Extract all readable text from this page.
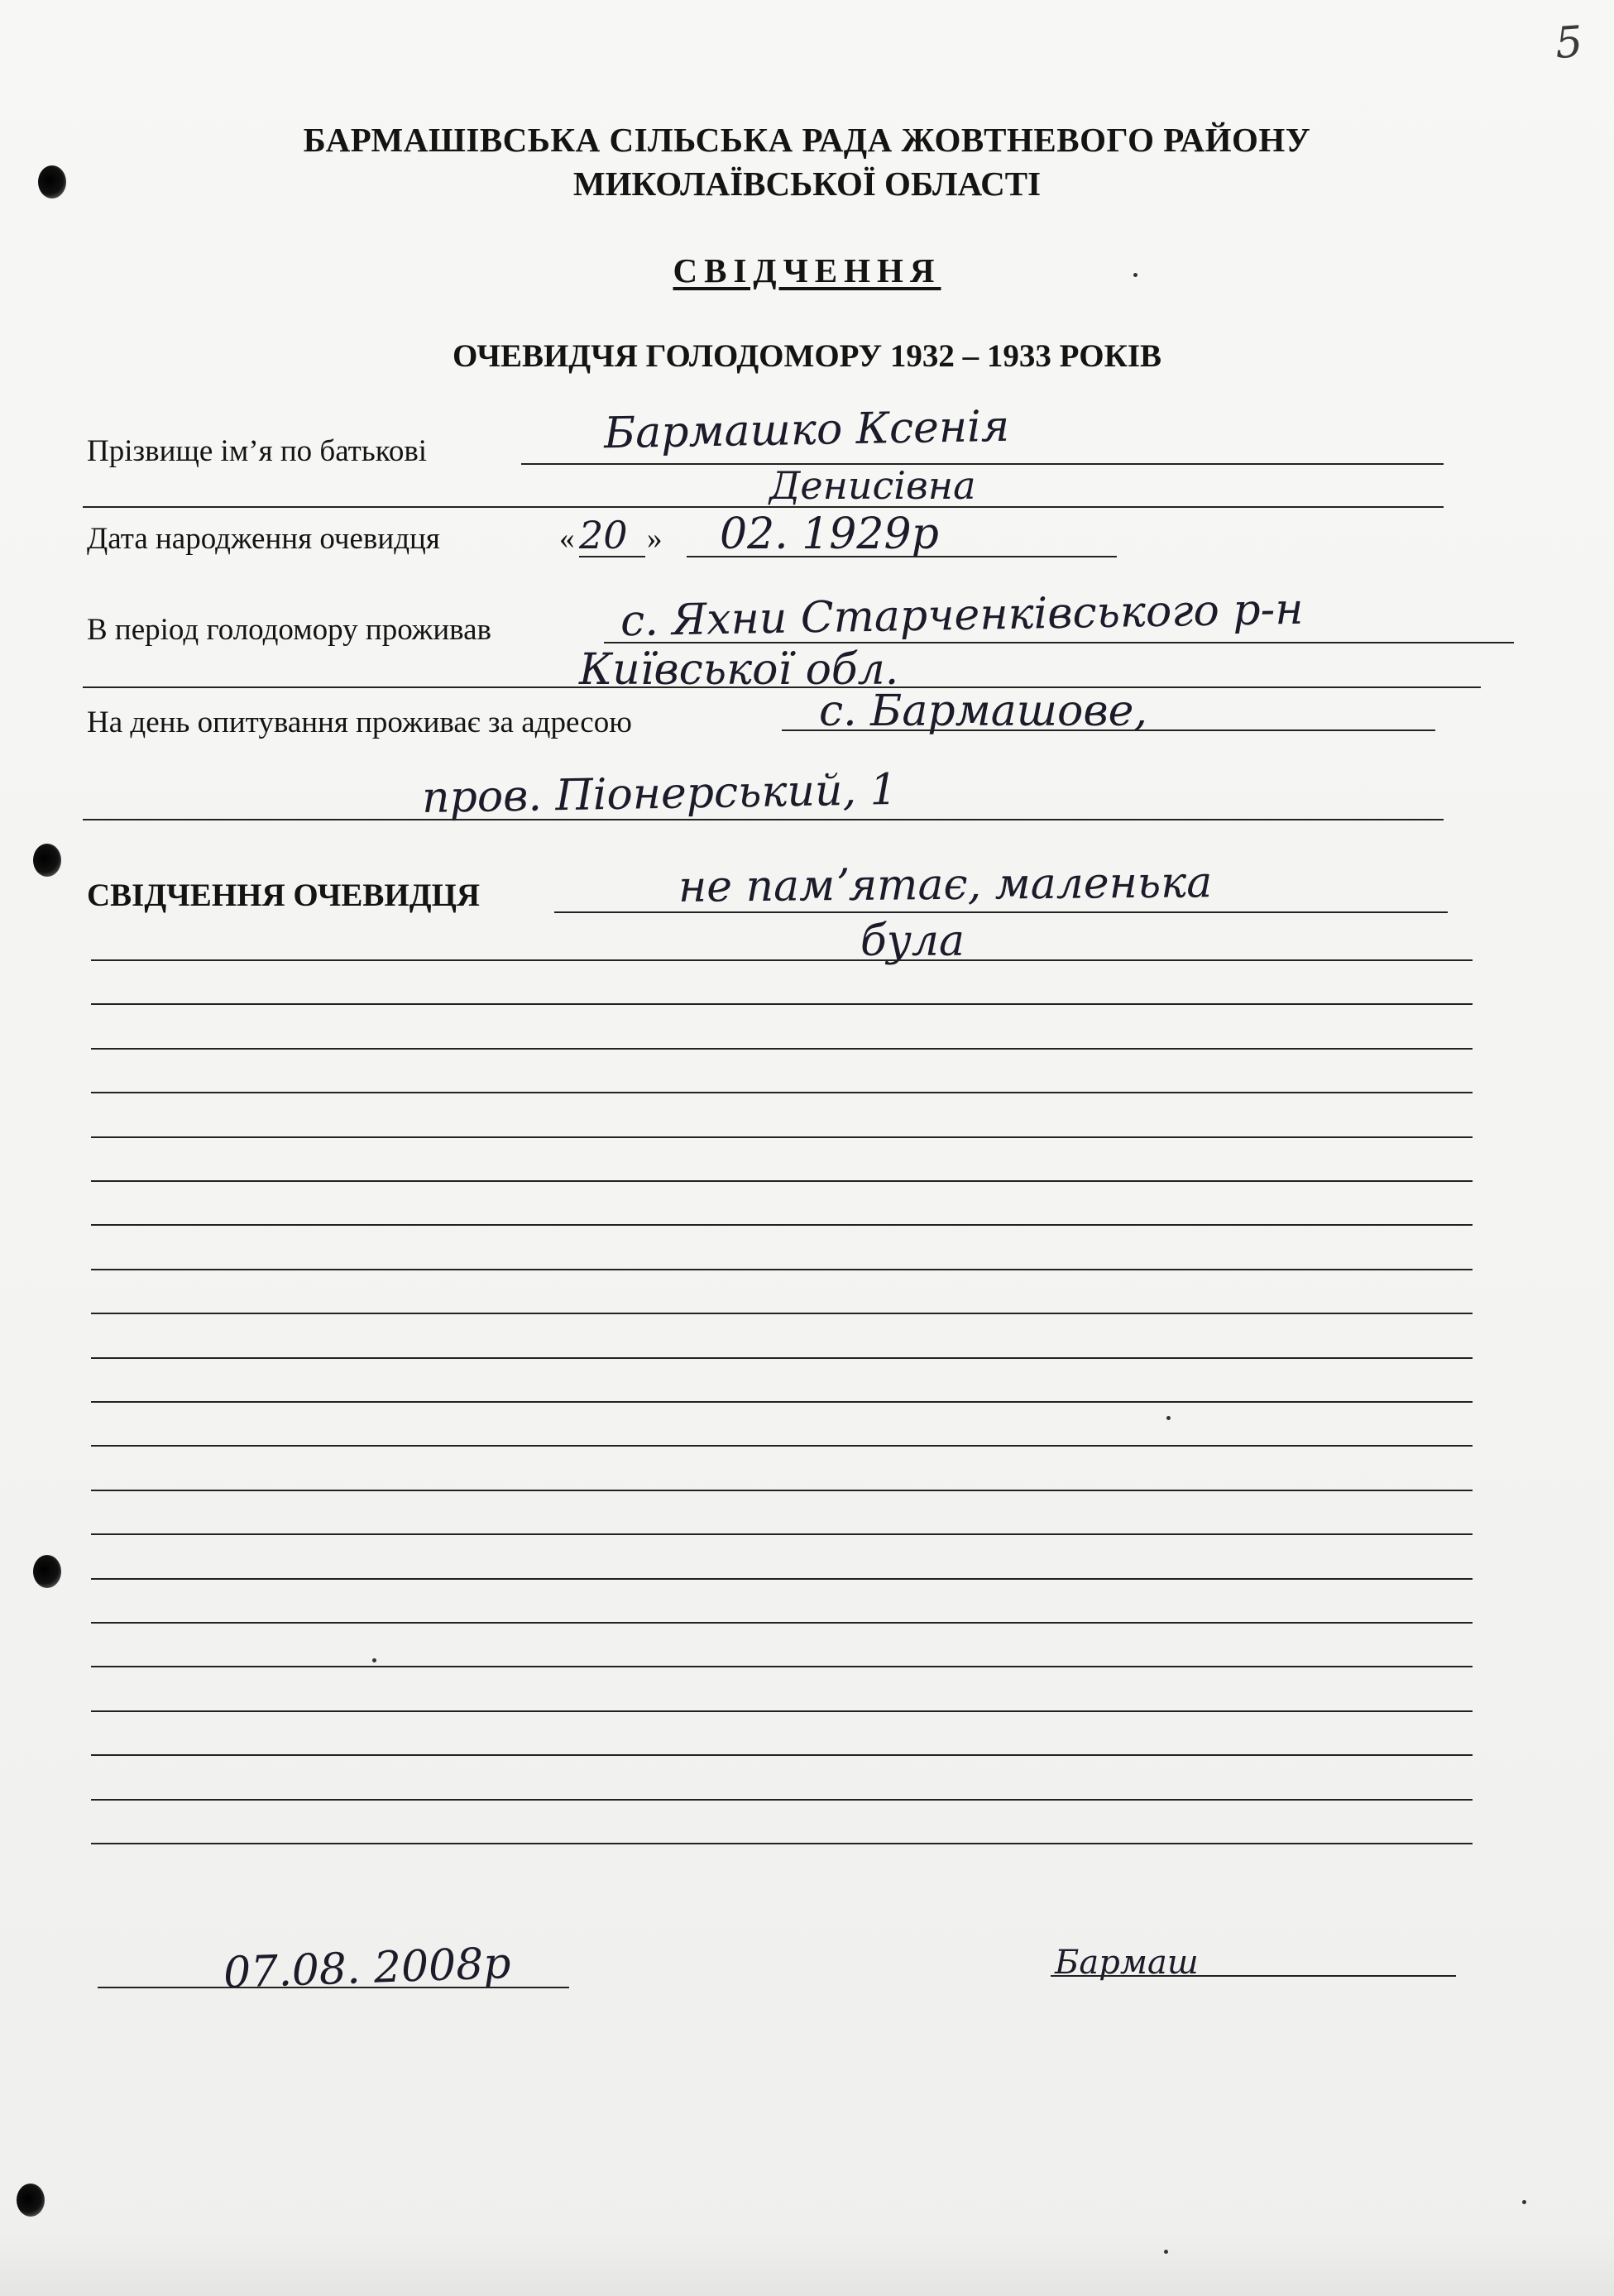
5
БАРМАШІВСЬКА СІЛЬСЬКА РАДА ЖОВТНЕВОГО РАЙОНУ
МИКОЛАЇВСЬКОЇ ОБЛАСТІ
СВІДЧЕННЯ
ОЧЕВИДЧЯ ГОЛОДОМОРУ 1932 – 1933 РОКІВ
Прізвище імʼя по батькові	Бармашко Ксенія
Денисівна
Дата народження очевидця	« 20 » 02. 1929р
В період голодомору проживав	с. Яхни Старченківського р-н
Київської обл.
На день опитування проживає за адресою	с. Бармашове,
пров. Піонерський, 1
СВІДЧЕННЯ ОЧЕВИДЦЯ	не памʼятає, маленька
була
07.08. 2008р	Бармаш
